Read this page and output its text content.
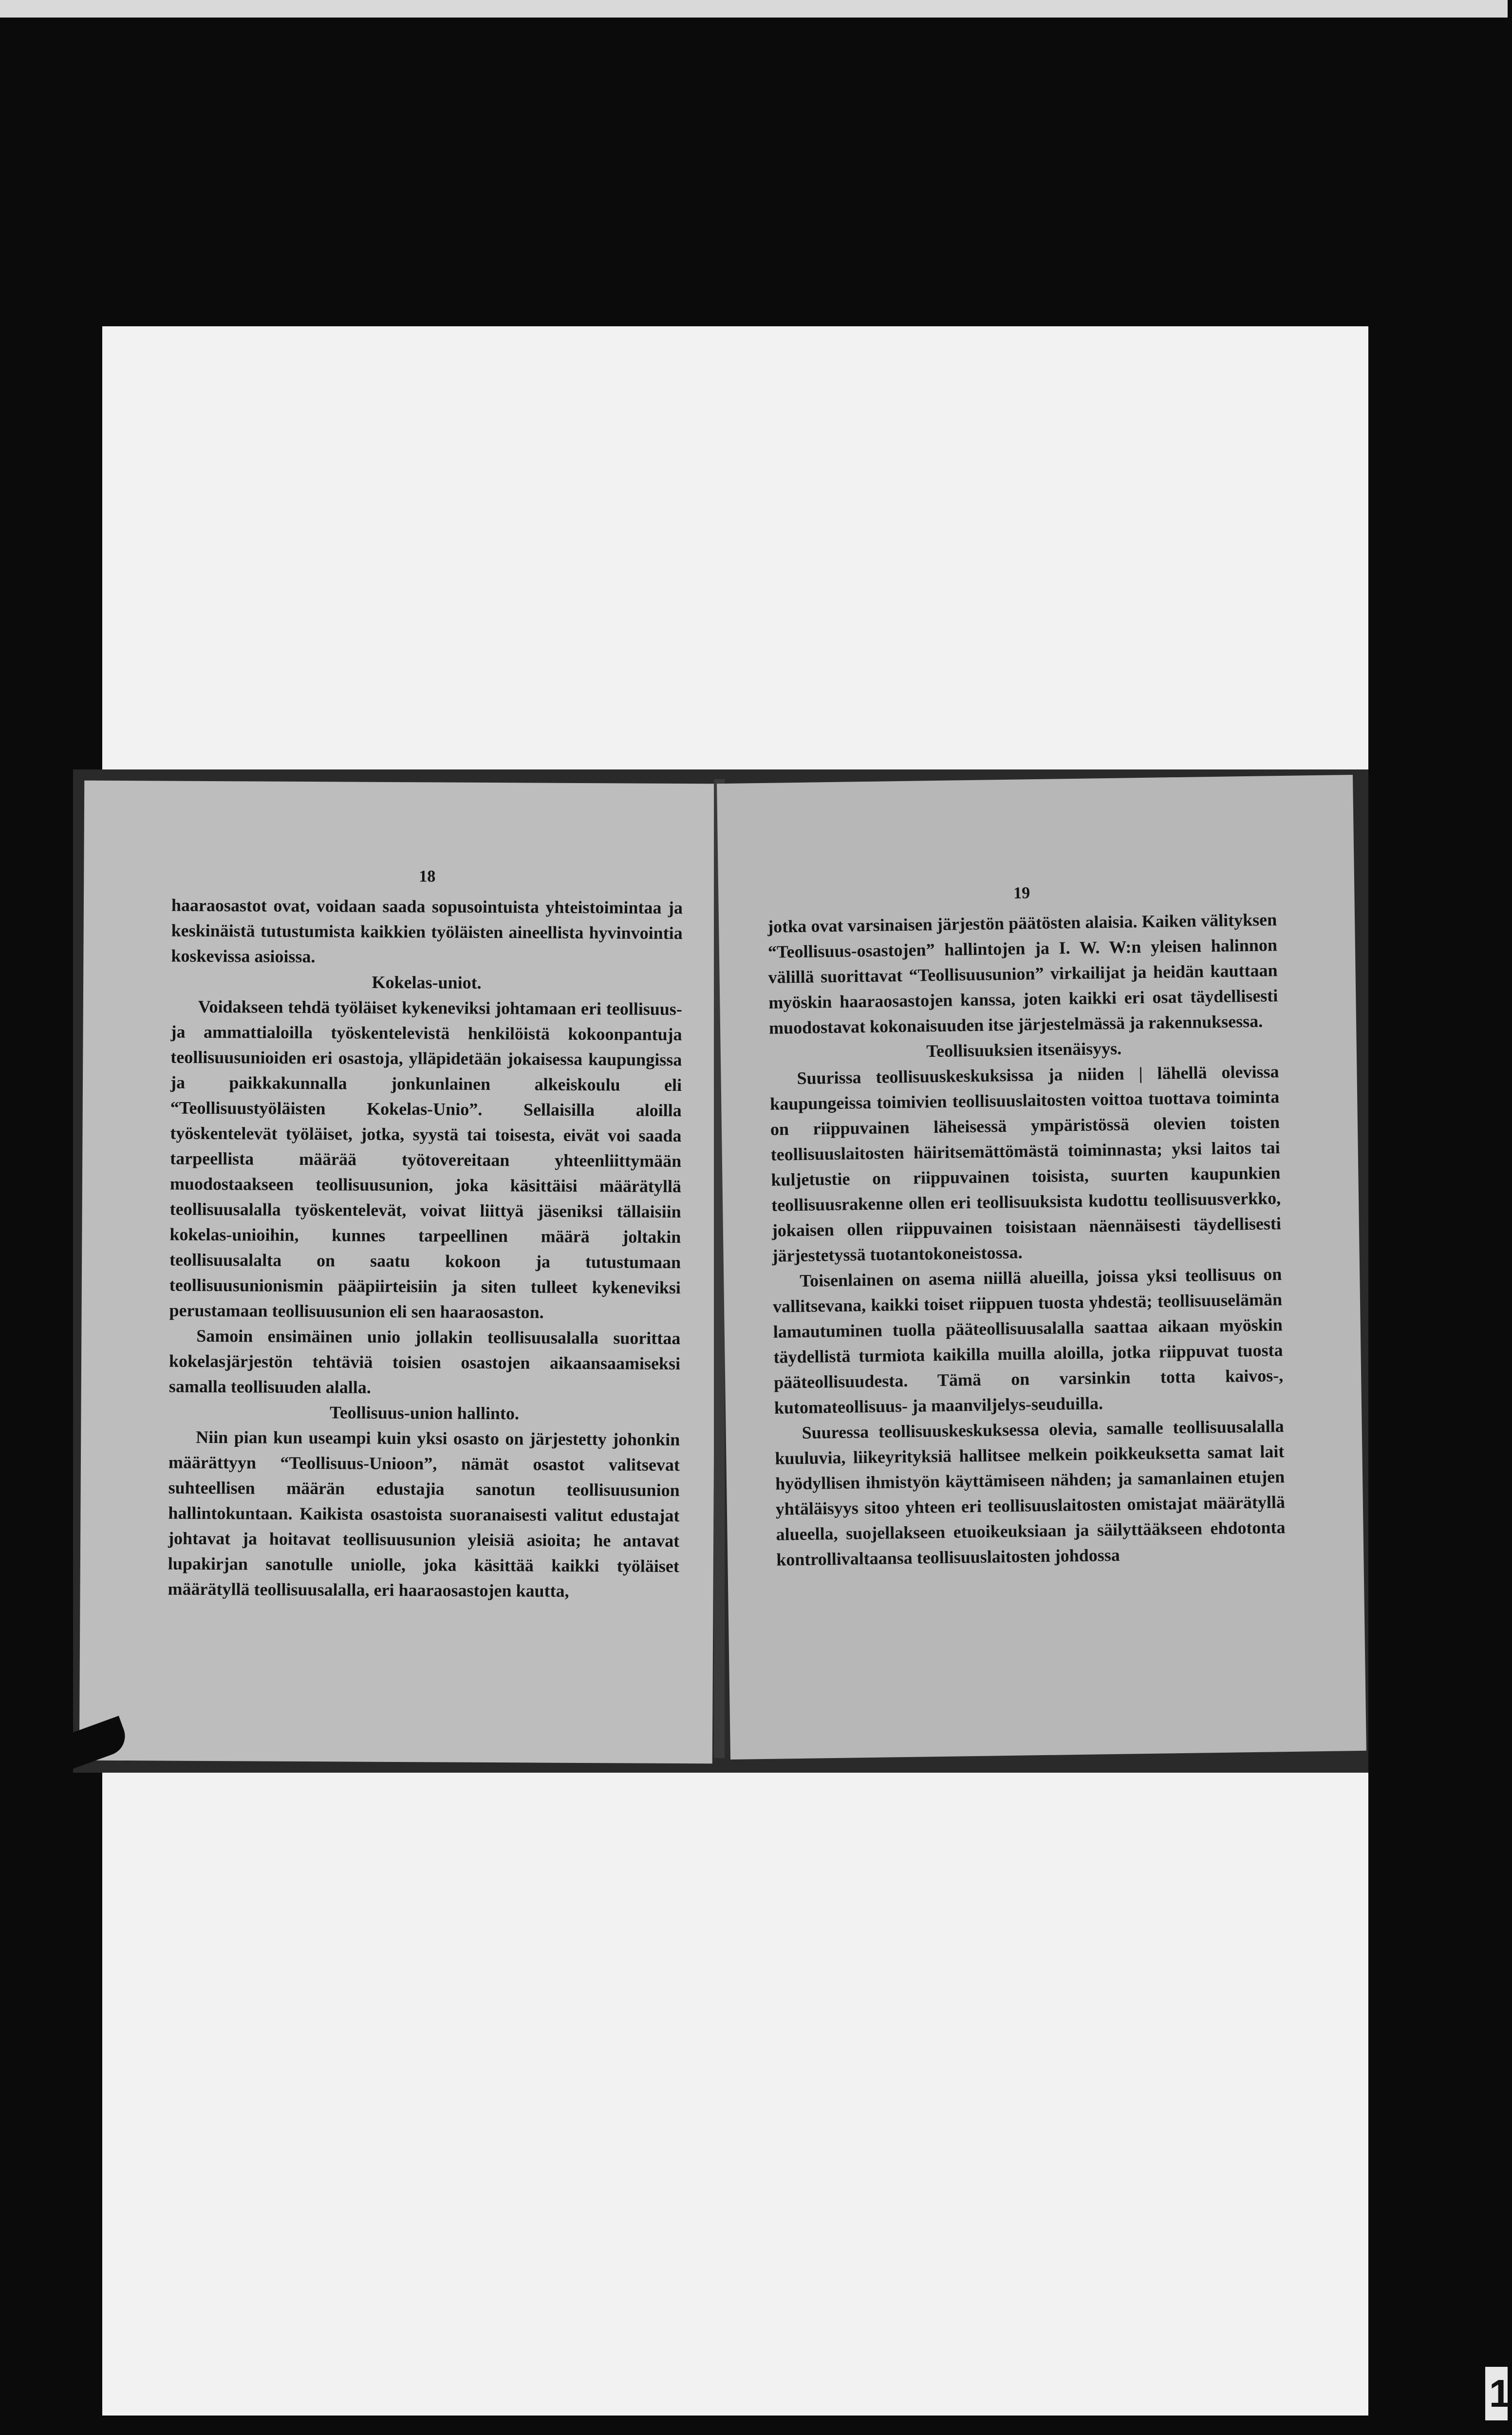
18

haaraosastot ovat, voidaan saada sopusointuista yhteistoimintaa ja keskinäistä tutustumista kaikkien työläisten aineellista hyvinvointia koskevissa asioissa.

Kokelas-uniot.

Voidakseen tehdä työläiset kykeneviksi johtamaan eri teollisuus- ja ammattialoilla työskentelevistä henkilöistä kokoonpantuja teollisuusunioiden eri osastoja, ylläpidetään jokaisessa kaupungissa ja paikkakunnalla jonkunlainen alkeiskoulu eli “Teollisuustyöläisten Kokelas-Unio”. Sellaisilla aloilla työskentelevät työläiset, jotka, syystä tai toisesta, eivät voi saada tarpeellista määrää työtovereitaan yhteenliittymään muodostaakseen teollisuusunion, joka käsittäisi määrätyllä teollisuusalalla työskentelevät, voivat liittyä jäseniksi tällaisiin kokelas-unioihin, kunnes tarpeellinen määrä joltakin teollisuusalalta on saatu kokoon ja tutustumaan teollisuusunionismin pääpiirteisiin ja siten tulleet kykeneviksi perustamaan teollisuusunion eli sen haaraosaston.

Samoin ensimäinen unio jollakin teollisuusalalla suorittaa kokelasjärjestön tehtäviä toisien osastojen aikaansaamiseksi samalla teollisuuden alalla.

Teollisuus-union hallinto.

Niin pian kun useampi kuin yksi osasto on järjestetty johonkin määrättyyn “Teollisuus-Unioon”, nämät osastot valitsevat suhteellisen määrän edustajia sanotun teollisuusunion hallintokuntaan. Kaikista osastoista suoranaisesti valitut edustajat johtavat ja hoitavat teollisuusunion yleisiä asioita; he antavat lupakirjan sanotulle uniolle, joka käsittää kaikki työläiset määrätyllä teollisuusalalla, eri haaraosastojen kautta,

19

jotka ovat varsinaisen järjestön päätösten alaisia. Kaiken välityksen “Teollisuus-osastojen” hallintojen ja I. W. W:n yleisen halinnon välillä suorittavat “Teollisuusunion” virkailijat ja heidän kauttaan myöskin haaraosastojen kanssa, joten kaikki eri osat täydellisesti muodostavat kokonaisuuden itse järjestelmässä ja rakennuksessa.

Teollisuuksien itsenäisyys.

Suurissa teollisuuskeskuksissa ja niiden | lähellä olevissa kaupungeissa toimivien teollisuuslaitosten voittoa tuottava toiminta on riippuvainen läheisessä ympäristössä olevien toisten teollisuuslaitosten häiritsemättömästä toiminnasta; yksi laitos tai kuljetustie on riippuvainen toisista, suurten kaupunkien teollisuusrakenne ollen eri teollisuuksista kudottu teollisuusverkko, jokaisen ollen riippuvainen toisistaan näennäisesti täydellisesti järjestetyssä tuotantokoneistossa.

Toisenlainen on asema niillä alueilla, joissa yksi teollisuus on vallitsevana, kaikki toiset riippuen tuosta yhdestä; teollisuuselämän lamautuminen tuolla pääteollisuusalalla saattaa aikaan myöskin täydellistä turmiota kaikilla muilla aloilla, jotka riippuvat tuosta pääteollisuudesta. Tämä on varsinkin totta kaivos-, kutomateollisuus- ja maanviljelys-seuduilla.

Suuressa teollisuuskeskuksessa olevia, samalle teollisuusalalla kuuluvia, liikeyrityksiä hallitsee melkein poikkeuksetta samat lait hyödyllisen ihmistyön käyttämiseen nähden; ja samanlainen etujen yhtäläisyys sitoo yhteen eri teollisuuslaitosten omistajat määrätyllä alueella, suojellakseen etuoikeuksiaan ja säilyttääkseen ehdotonta kontrollivaltaansa teollisuuslaitosten johdossa

1
